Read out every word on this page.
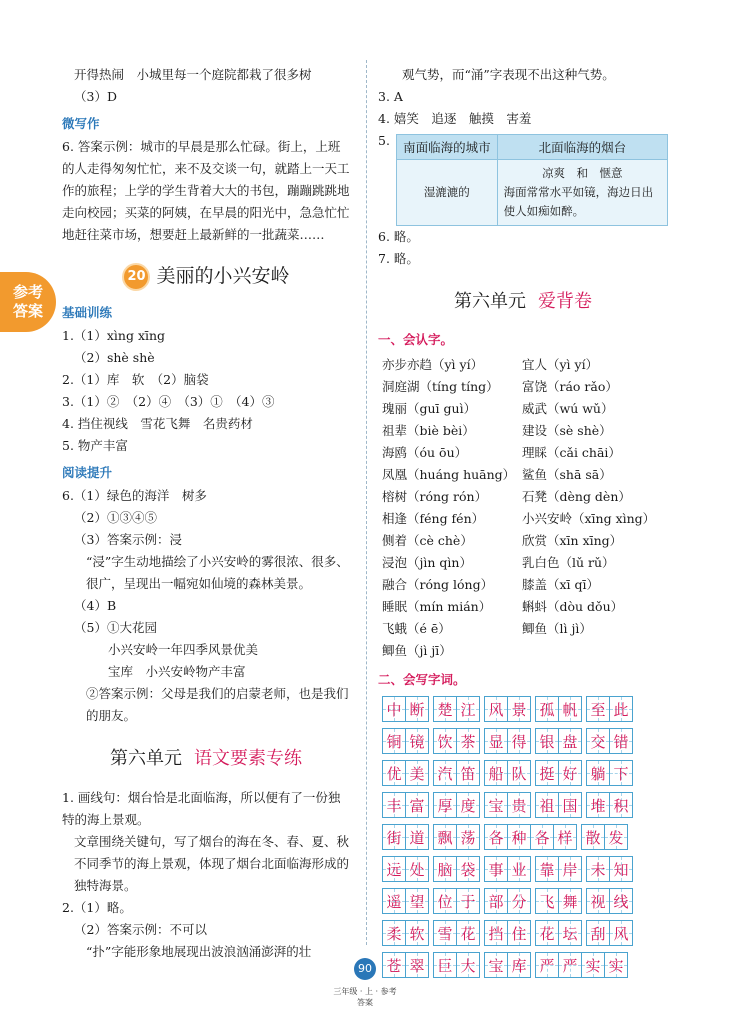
参考
答案

开得热闹　小城里每一个庭院都栽了很多树

（3）D

微写作

6. 答案示例：城市的早晨是那么忙碌。街上，上班的人走得匆匆忙忙，来不及交谈一句，就踏上一天工作的旅程；上学的学生背着大大的书包，蹦蹦跳跳地走向校园；买菜的阿姨，在早晨的阳光中，急急忙忙地赶往菜市场，想要赶上最新鲜的一批蔬菜……

20 美丽的小兴安岭
基础训练

1.（1）xìng xīng

（2）shè shè

2.（1）库　软　（2）脑袋

3.（1）②　（2）④　（3）①　（4）③

4. 挡住视线　雪花飞舞　名贵药材

5. 物产丰富

阅读提升

6.（1）绿色的海洋　树多

（2）①③④⑤

（3）答案示例：浸

“浸”字生动地描绘了小兴安岭的雾很浓、很多、很广，呈现出一幅宛如仙境的森林美景。

（4）B

（5）①大花园

小兴安岭一年四季风景优美

宝库　小兴安岭物产丰富

②答案示例：父母是我们的启蒙老师，也是我们的朋友。

第六单元 语文要素专练

1. 画线句：烟台恰是北面临海，所以便有了一份独特的海上景观。

文章围绕关键句，写了烟台的海在冬、春、夏、秋不同季节的海上景观，体现了烟台北面临海形成的独特海景。

2.（1）略。

（2）答案示例：不可以

“扑”字能形象地展现出波浪汹涌澎湃的壮

观气势，而“涌”字表现不出这种气势。

3. A

4. 嬉笑　追逐　触摸　害羞

5. 南面临海的城市	北面临海的烟台
湿漉漉的	凉爽　和　惬意
海面常常水平如镜，海边日出使人如痴如醉。

6. 略。

7. 略。

第六单元 爱背卷
一、会认字。
亦步亦趋（yì yí）	宜人（yì yí）
洞庭湖（tíng tíng）	富饶（ráo rǎo）
瑰丽（guī guì）	威武（wú wǔ）
祖辈（biè bèi）	建设（sè shè）
海鸥（óu ōu）	理睬（cǎi chāi）
凤凰（huáng huāng） 鲨鱼（shā sā）
榕树（róng rón）	石凳（dèng dèn）
相逢（féng fén）	小兴安岭（xīng xìng）
侧着（cè chè）	欣赏（xīn xīng）
浸泡（jìn qìn）	乳白色（lǔ rǔ）
融合（róng lóng）	膝盖（xī qī）
睡眠（mín mián）	蝌蚪（dòu dǒu）
飞蛾（é ē）	鲫鱼（lì jì）
鲫鱼（jì jī）
二、会写字词。
中 断 楚 江 风 景 孤 帆 至 此
铜 镜 饮 茶 显 得 银 盘 交 错
优 美 汽 笛 船 队 挺 好 躺 下
丰 富 厚 度 宝 贵 祖 国 堆 积
街 道 飘 荡 各 种 各 样 散 发
远 处 脑 袋 事 业 靠 岸 未 知
遥 望 位 于 部 分 飞 舞 视 线
柔 软 雪 花 挡 住 花 坛 刮 风
苍 翠 巨 大 宝 库 严 严 实 实
90
三年级 · 上 · 参考答案
